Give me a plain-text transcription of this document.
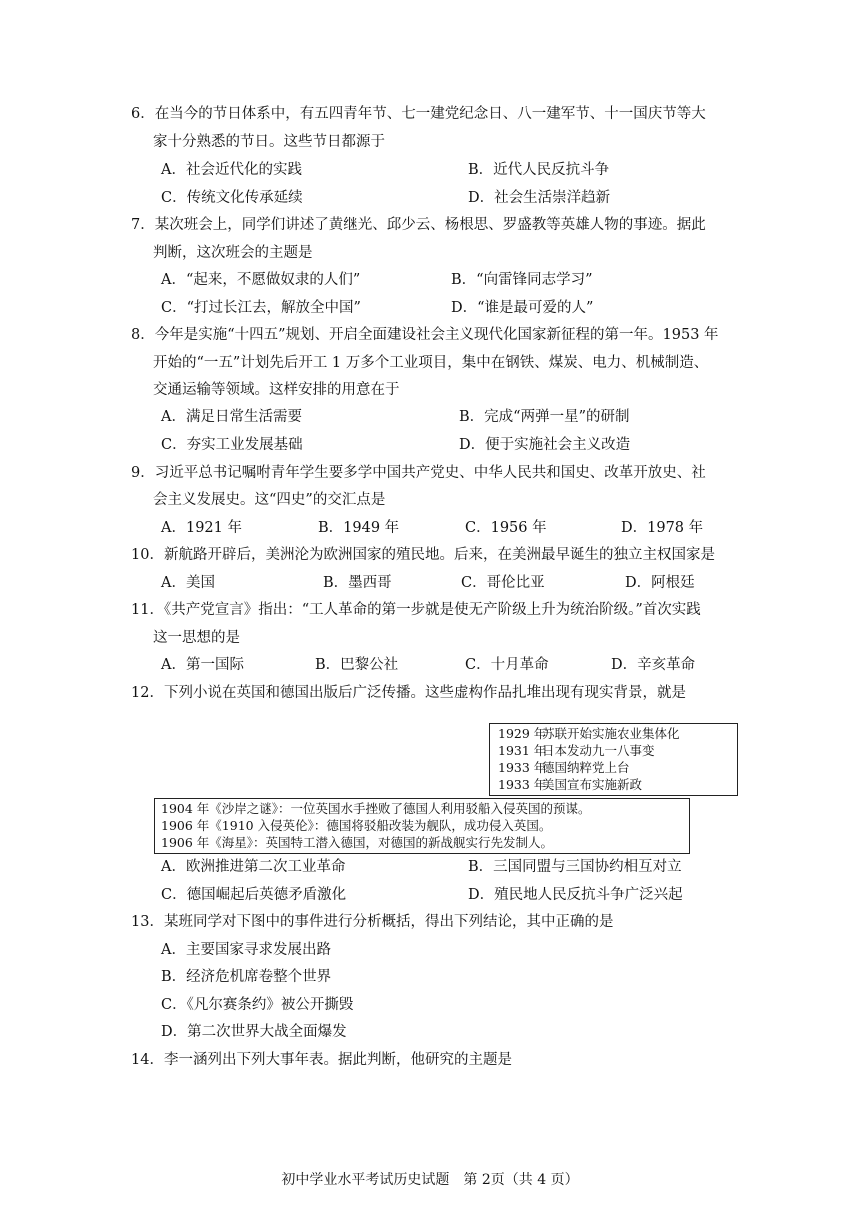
6．在当今的节日体系中，有五四青年节、七一建党纪念日、八一建军节、十一国庆节等大
家十分熟悉的节日。这些节日都源于
A．社会近代化的实践	B．近代人民反抗斗争
C．传统文化传承延续	D．社会生活崇洋趋新
7．某次班会上，同学们讲述了黄继光、邱少云、杨根思、罗盛教等英雄人物的事迹。据此
判断，这次班会的主题是
A．“起来，不愿做奴隶的人们”	B．“向雷锋同志学习”
C．“打过长江去，解放全中国”	D．“谁是最可爱的人”
8．今年是实施“十四五”规划、开启全面建设社会主义现代化国家新征程的第一年。1953 年
开始的“一五”计划先后开工 1 万多个工业项目，集中在钢铁、煤炭、电力、机械制造、
交通运输等领域。这样安排的用意在于
A．满足日常生活需要	B．完成“两弹一星”的研制
C．夯实工业发展基础	D．便于实施社会主义改造
9．习近平总书记嘱咐青年学生要多学中国共产党史、中华人民共和国史、改革开放史、社
会主义发展史。这“四史”的交汇点是
A．1921 年	B．1949 年	C．1956 年	D．1978 年
10．新航路开辟后，美洲沦为欧洲国家的殖民地。后来，在美洲最早诞生的独立主权国家是
A．美国	B．墨西哥	C．哥伦比亚	D．阿根廷
11．《共产党宣言》指出：“工人革命的第一步就是使无产阶级上升为统治阶级。”首次实践
这一思想的是
A．第一国际	B．巴黎公社	C．十月革命	D．辛亥革命
12．下列小说在英国和德国出版后广泛传播。这些虚构作品扎堆出现有现实背景，就是
1929 年苏联开始实施农业集体化
1931 年日本发动九一八事变
1933 年德国纳粹党上台
1933 年美国宣布实施新政
1904 年《沙岸之谜》：一位英国水手挫败了德国人利用驳船入侵英国的预谋。
1906 年《1910 入侵英伦》：德国将驳船改装为舰队，成功侵入英国。
1906 年《海星》：英国特工潜入德国，对德国的新战舰实行先发制人。
A．欧洲推进第二次工业革命	B．三国同盟与三国协约相互对立
C．德国崛起后英德矛盾激化	D．殖民地人民反抗斗争广泛兴起
13．某班同学对下图中的事件进行分析概括，得出下列结论，其中正确的是
A．主要国家寻求发展出路
B．经济危机席卷整个世界
C．《凡尔赛条约》被公开撕毁
D．第二次世界大战全面爆发
14．李一涵列出下列大事年表。据此判断，他研究的主题是
初中学业水平考试历史试题　第 2页（共 4 页）
